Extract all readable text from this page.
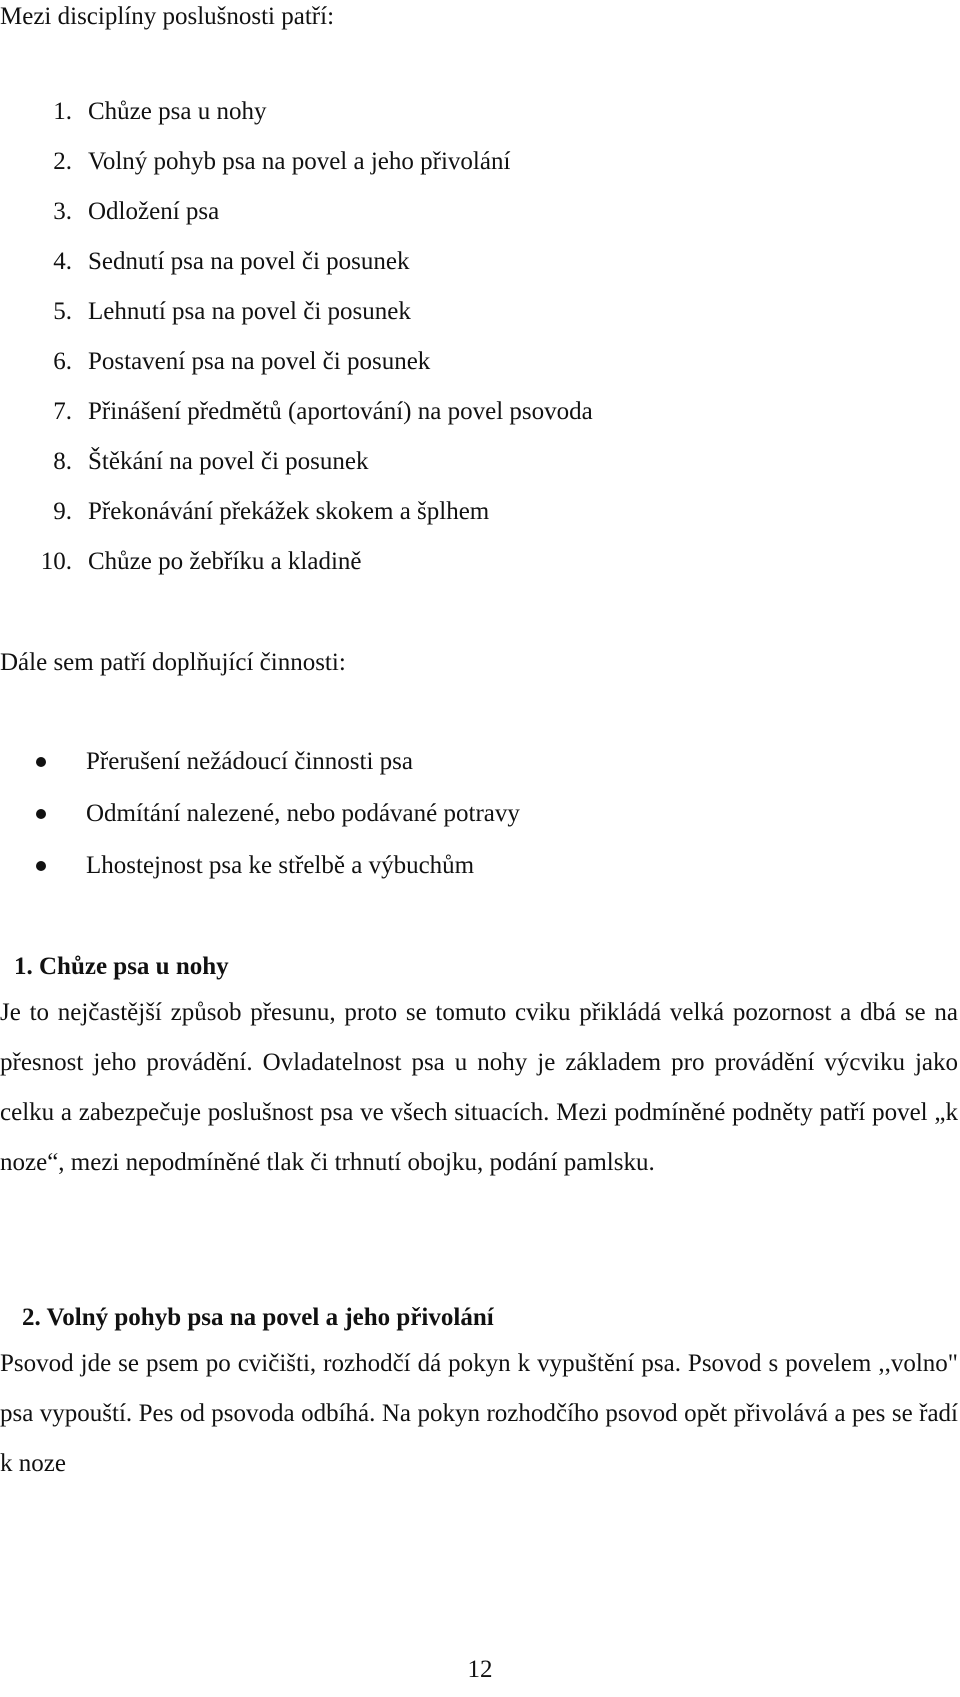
Mezi disciplíny poslušnosti patří:

1. Chůze psa u nohy
2. Volný pohyb psa na povel a jeho přivolání
3. Odložení psa
4. Sednutí psa na povel či posunek
5. Lehnutí psa na povel či posunek
6. Postavení psa na povel či posunek
7. Přinášení předmětů (aportování) na povel psovoda
8. Štěkání na povel či posunek
9. Překonávání překážek skokem a šplhem
10. Chůze po žebříku a kladině

Dále sem patří doplňující činnosti:

Přerušení nežádoucí činnosti psa
Odmítání nalezené, nebo podávané potravy
Lhostejnost psa ke střelbě a výbuchům
1. Chůze psa u nohy

Je to nejčastější způsob přesunu, proto se tomuto cviku přikládá velká pozornost a dbá se na přesnost jeho provádění. Ovladatelnost psa u nohy je základem pro provádění výcviku jako celku a zabezpečuje poslušnost psa ve všech situacích. Mezi podmíněné podněty patří povel „k noze“, mezi nepodmíněné tlak či trhnutí obojku, podání pamlsku.

2. Volný pohyb psa na povel a jeho přivolání

Psovod jde se psem po cvičišti, rozhodčí dá pokyn k vypuštění psa. Psovod s povelem ,,volno" psa vypouští. Pes od psovoda odbíhá. Na pokyn rozhodčího psovod opět přivolává a pes se řadí k noze

12
